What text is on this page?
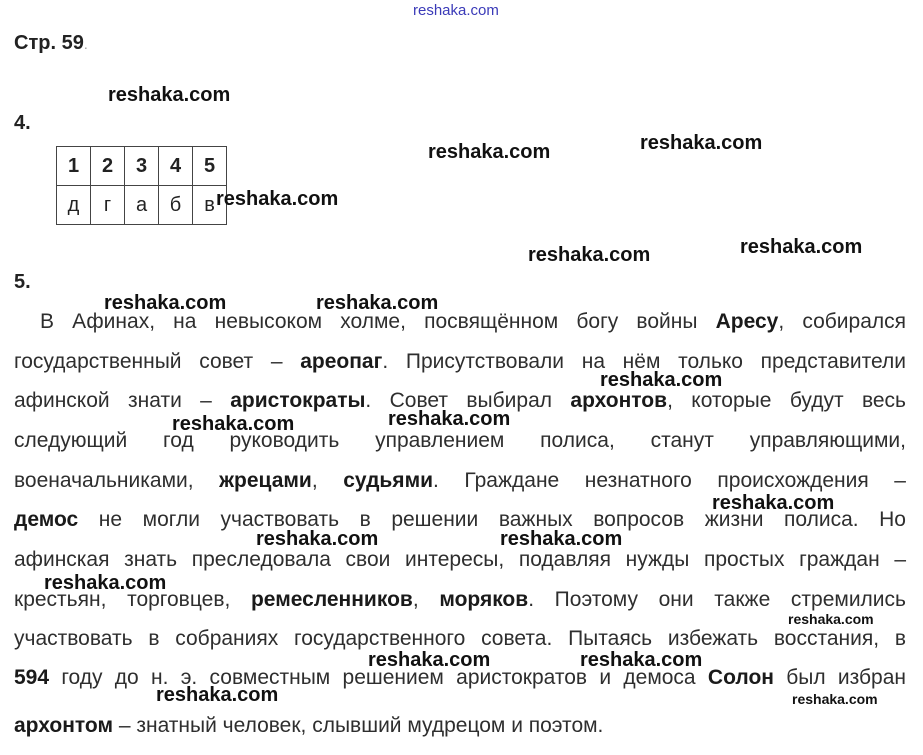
reshaka.com
Стр. 59.
4.
1	2	3	4	5
д	г	а	б	в
5.
В Афинах, на невысоком холме, посвящённом богу войны Аресу, собирался
государственный совет – ареопаг. Присутствовали на нём только представители
афинской знати – аристократы. Совет выбирал архонтов, которые будут весь
следующий год руководить управлением полиса, станут управляющими,
военачальниками, жрецами, судьями. Граждане незнатного происхождения –
демос не могли участвовать в решении важных вопросов жизни полиса. Но
афинская знать преследовала свои интересы, подавляя нужды простых граждан –
крестьян, торговцев, ремесленников, моряков. Поэтому они также стремились
участвовать в собраниях государственного совета. Пытаясь избежать восстания, в
594 году до н. э. совместным решением аристократов и демоса Солон был избран
архонтом – знатный человек, слывший мудрецом и поэтом.
reshaka.com
reshaka.com	reshaka.com
reshaka.com
reshaka.com	reshaka.com
reshaka.com	reshaka.com
reshaka.com
reshaka.com	reshaka.com
reshaka.com
reshaka.com	reshaka.com
reshaka.com
reshaka.com
reshaka.com	reshaka.com
reshaka.com	reshaka.com
